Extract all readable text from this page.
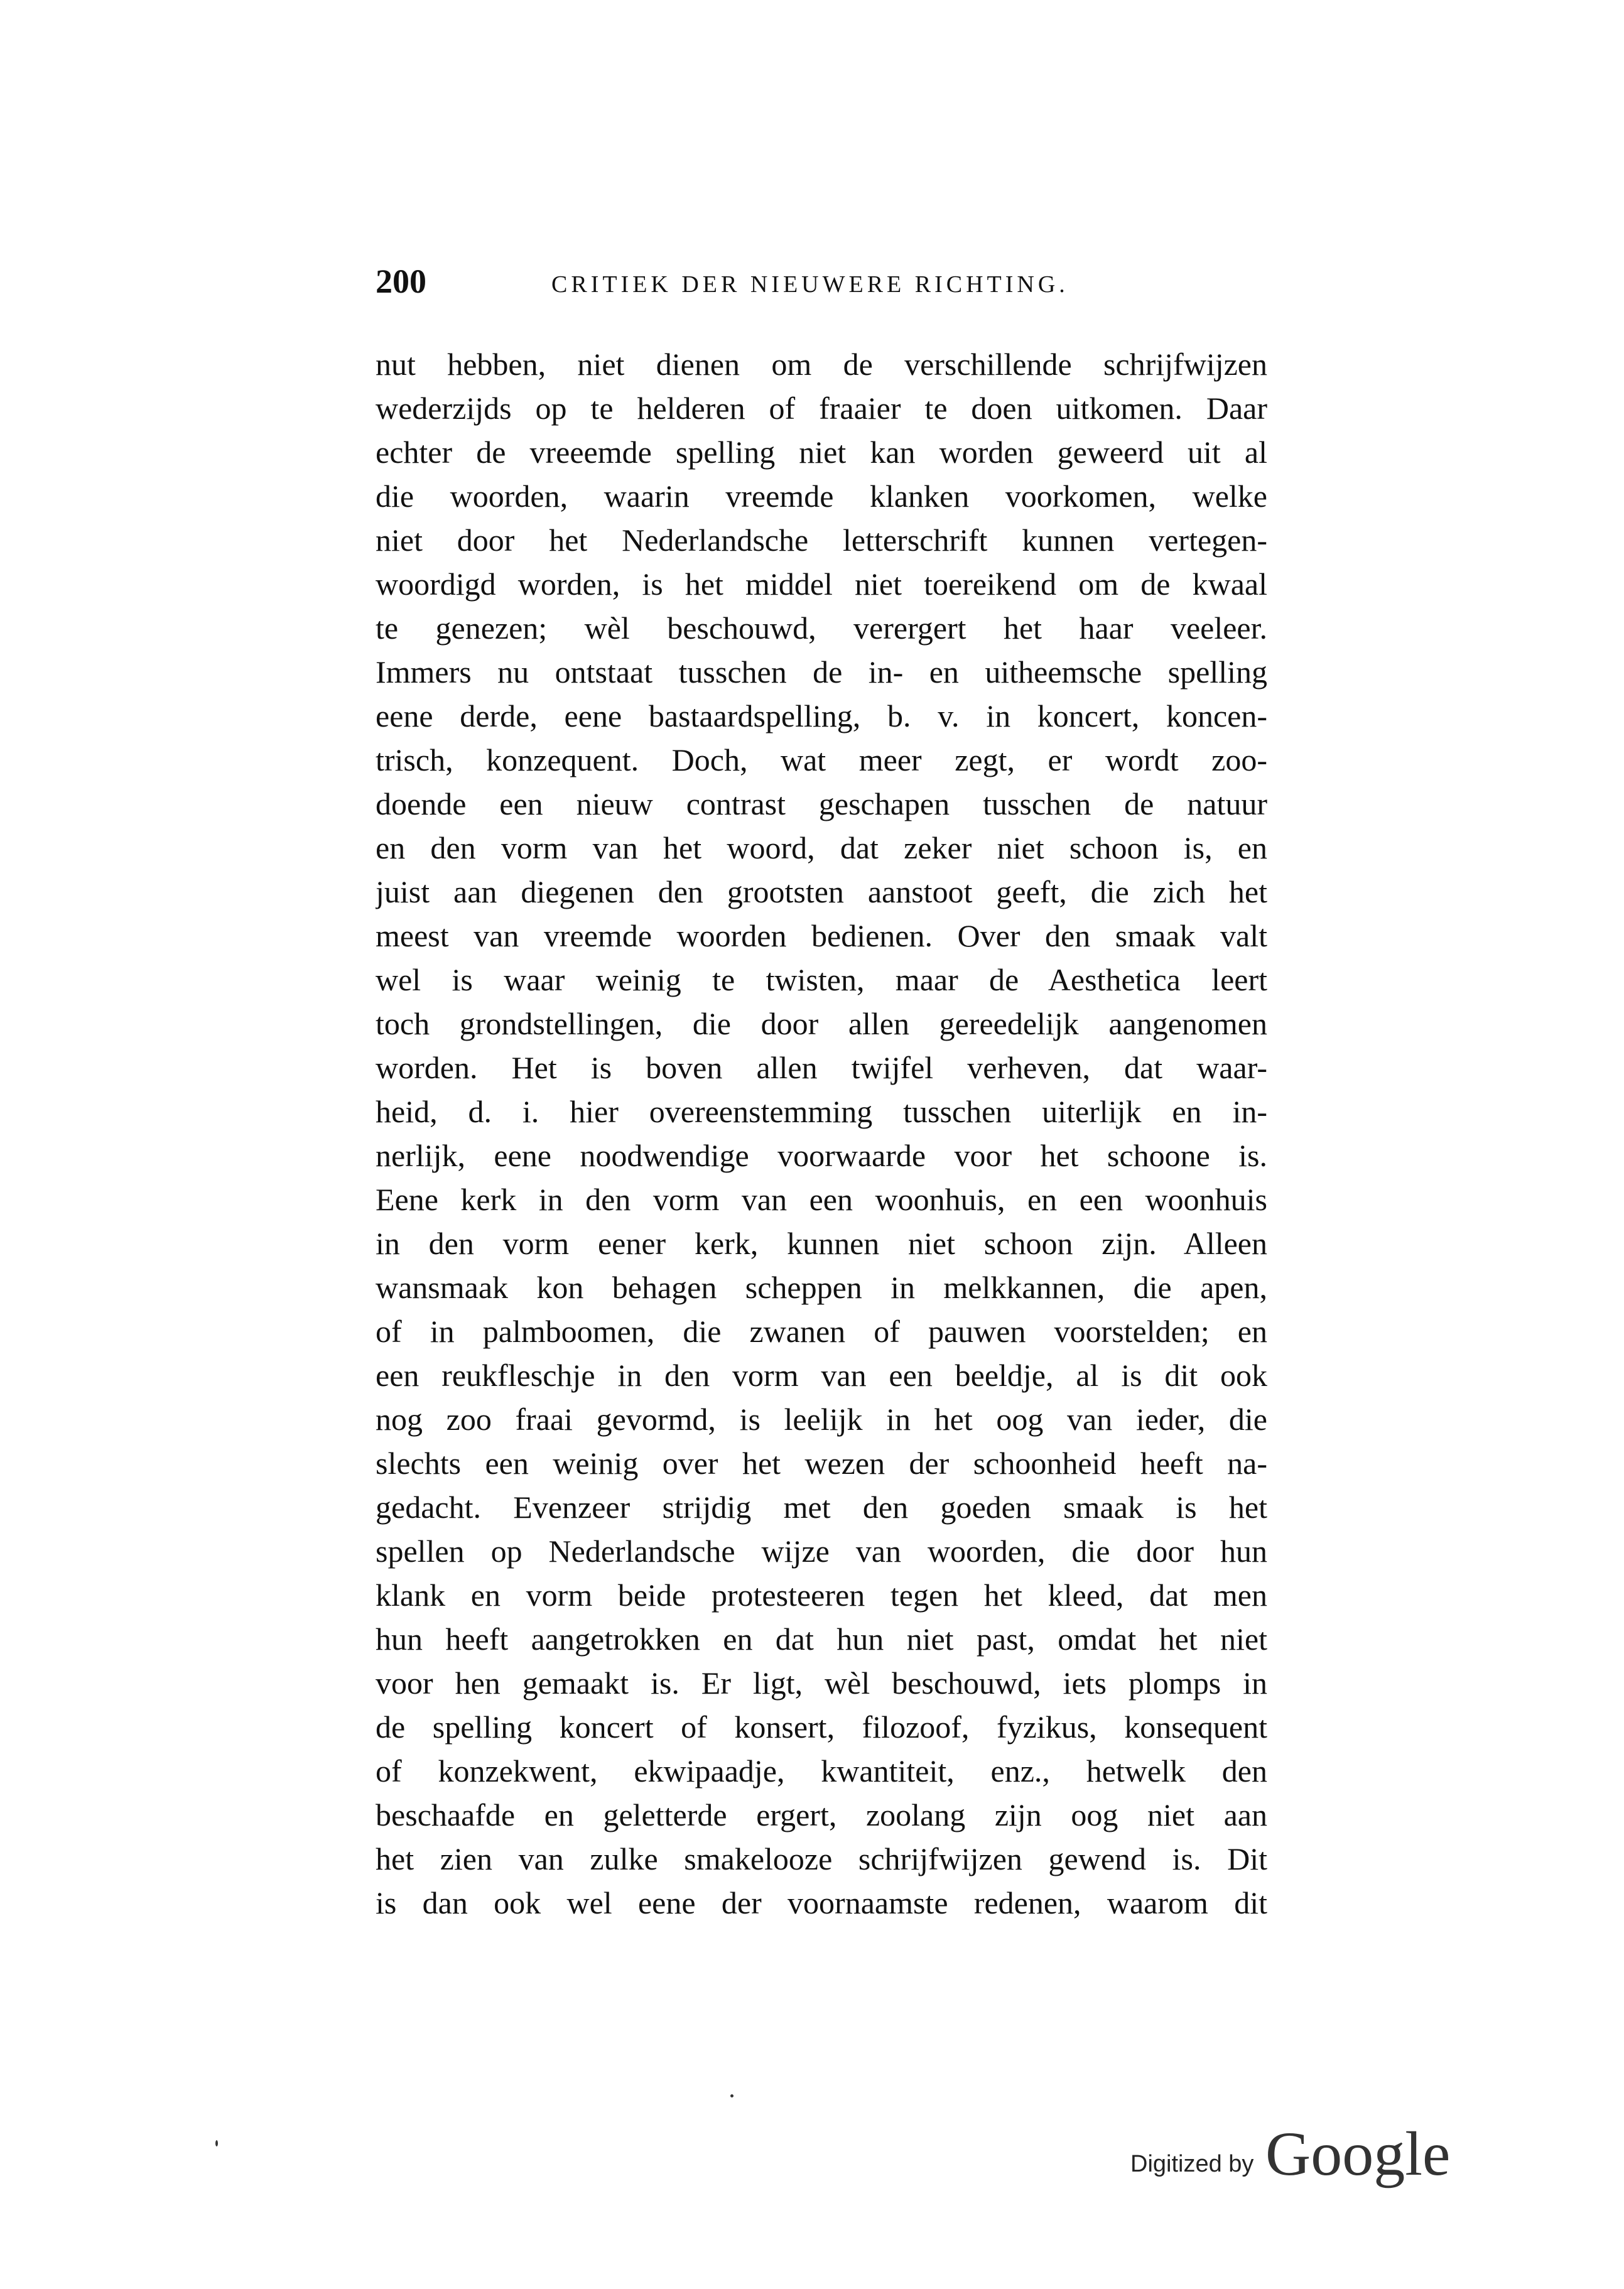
200	CRITIEK DER NIEUWERE RICHTING.
nut hebben, niet dienen om de verschillende schrijfwijzen
wederzijds op te helderen of fraaier te doen uitkomen. Daar
echter de vreeemde spelling niet kan worden geweerd uit al
die woorden, waarin vreemde klanken voorkomen, welke
niet door het Nederlandsche letterschrift kunnen vertegen-
woordigd worden, is het middel niet toereikend om de kwaal
te genezen; wèl beschouwd, verergert het haar veeleer.
Immers nu ontstaat tusschen de in- en uitheemsche spelling
eene derde, eene bastaardspelling, b. v. in koncert, koncen-
trisch, konzequent. Doch, wat meer zegt, er wordt zoo-
doende een nieuw contrast geschapen tusschen de natuur
en den vorm van het woord, dat zeker niet schoon is, en
juist aan diegenen den grootsten aanstoot geeft, die zich het
meest van vreemde woorden bedienen. Over den smaak valt
wel is waar weinig te twisten, maar de Aesthetica leert
toch grondstellingen, die door allen gereedelijk aangenomen
worden. Het is boven allen twijfel verheven, dat waar-
heid, d. i. hier overeenstemming tusschen uiterlijk en in-
nerlijk, eene noodwendige voorwaarde voor het schoone is.
Eene kerk in den vorm van een woonhuis, en een woonhuis
in den vorm eener kerk, kunnen niet schoon zijn. Alleen
wansmaak kon behagen scheppen in melkkannen, die apen,
of in palmboomen, die zwanen of pauwen voorstelden; en
een reukfleschje in den vorm van een beeldje, al is dit ook
nog zoo fraai gevormd, is leelijk in het oog van ieder, die
slechts een weinig over het wezen der schoonheid heeft na-
gedacht. Evenzeer strijdig met den goeden smaak is het
spellen op Nederlandsche wijze van woorden, die door hun
klank en vorm beide protesteeren tegen het kleed, dat men
hun heeft aangetrokken en dat hun niet past, omdat het niet
voor hen gemaakt is. Er ligt, wèl beschouwd, iets plomps in
de spelling koncert of konsert, filozoof, fyzikus, konsequent
of konzekwent, ekwipaadje, kwantiteit, enz., hetwelk den
beschaafde en geletterde ergert, zoolang zijn oog niet aan
het zien van zulke smakelooze schrijfwijzen gewend is. Dit
is dan ook wel eene der voornaamste redenen, waarom dit
Digitized by Google
